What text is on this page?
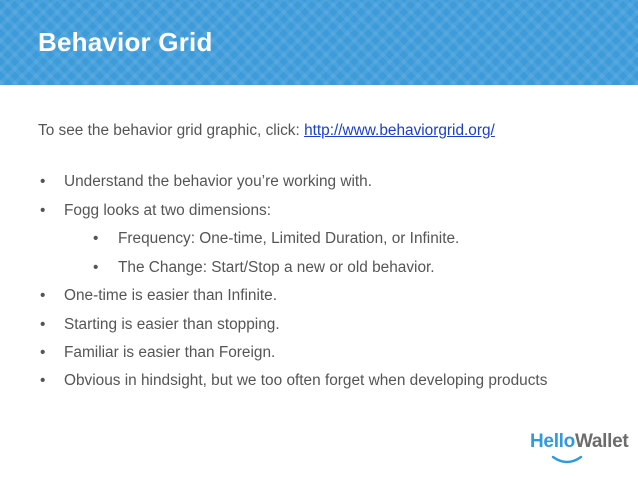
Behavior Grid

To see the behavior grid graphic, click: http://www.behaviorgrid.org/

• Understand the behavior you’re working with.
• Fogg looks at two dimensions:
• Frequency: One-time, Limited Duration, or Infinite.
• The Change: Start/Stop a new or old behavior.
• One-time is easier than Infinite.
• Starting is easier than stopping.
• Familiar is easier than Foreign.
• Obvious in hindsight, but we too often forget when developing products
HelloWallet
